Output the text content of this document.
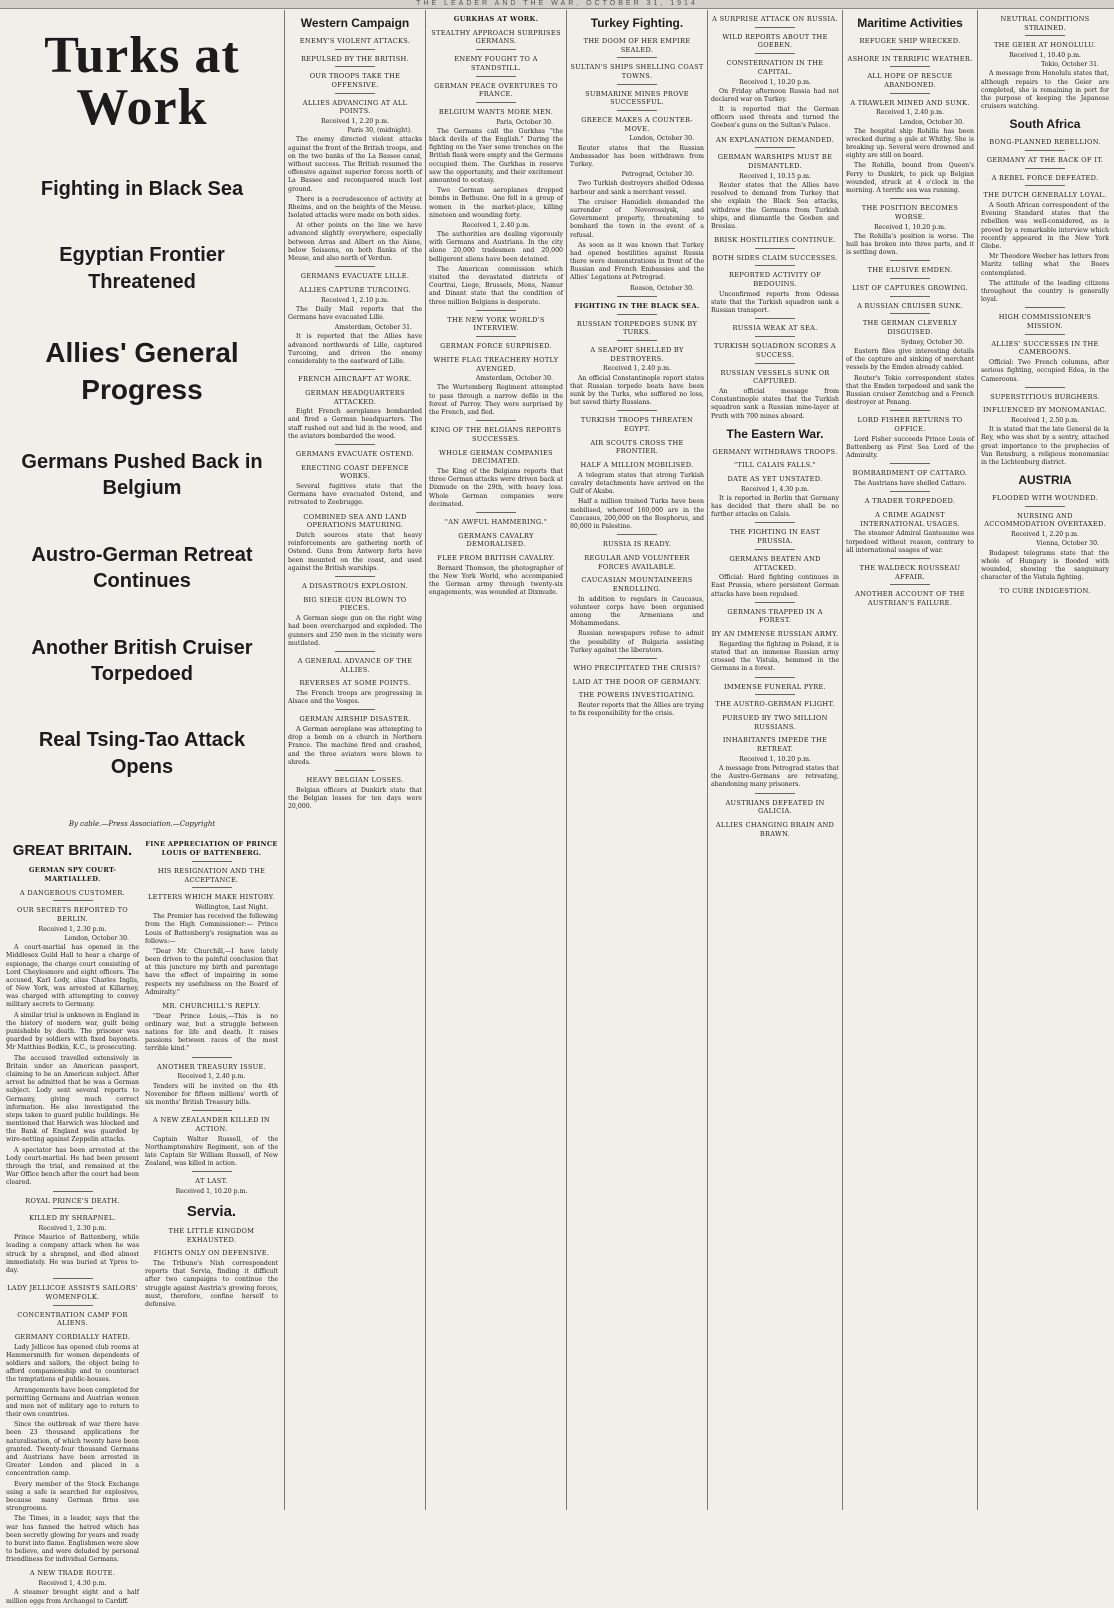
THE LEADER AND THE WAR, OCTOBER 31, 1914
Turks at Work
Fighting in Black Sea
Egyptian Frontier Threatened
Allies' General Progress
Germans Pushed Back in Belgium
Austro-German Retreat Continues
Another British Cruiser Torpedoed
Real Tsing-Tao Attack Opens
By cable.—Press Association.—Copyright
GREAT BRITAIN.
GERMAN SPY COURT-MARTIALLED.
A DANGEROUS CUSTOMER.
OUR SECRETS REPORTED TO BERLIN.
Received 1, 2.30 p.m.
London, October 30.

A court-martial has opened in the Middlesex Guild Hall to hear a charge of espionage, the charge court consisting of Lord Cheylesmore and eight officers. The accused, Karl Lody, alias Charles Inglis, of New York, was arrested at Killarney, was charged with attempting to convey military secrets to Germany.

A similar trial is unknown in England in the history of modern war, guilt being punishable by death. The prisoner was guarded by soldiers with fixed bayonets. Mr Matthias Bodkin, K.C., is prosecuting.

The accused travelled extensively in Britain under an American passport, claiming to be an American subject. After arrest he admitted that he was a German subject. Lody sent several reports to Germany, giving much correct information. He also investigated the steps taken to guard public buildings. He mentioned that Harwich was blocked and the Bank of England was guarded by wire-netting against Zeppelin attacks.

A spectator has been arrested at the Lody court-martial. He had been present through the trial, and remained at the War Office bench after the court had been cleared.

ROYAL PRINCE'S DEATH.
KILLED BY SHRAPNEL.
Received 1, 2.30 p.m.

Prince Maurice of Battenberg, while leading a company attack when he was struck by a shrapnel, and died almost immediately. He was buried at Ypres to-day.

LADY JELLICOE ASSISTS SAILORS' WOMENFOLK.
CONCENTRATION CAMP FOR ALIENS.
GERMANY CORDIALLY HATED.

Lady Jellicoe has opened club rooms at Hammersmith for women dependents of soldiers and sailors, the object being to afford companionship and to counteract the temptations of public-houses.

Arrangements have been completed for permitting Germans and Austrian women and men not of military age to return to their own countries.

Since the outbreak of war there have been 23 thousand applications for naturalisation, of which twenty have been granted. Twenty-four thousand Germans and Austrians have been arrested in Greater London and placed in a concentration camp.

Every member of the Stock Exchange using a safe is searched for explosives, because many German firms use strongrooms.

The Times, in a leader, says that the war has fanned the hatred which has been secretly glowing for years and ready to burst into flame. Englishmen were slow to believe, and were deluded by personal friendliness for individual Germans.

A NEW TRADE ROUTE.
Received 1, 4.30 p.m.

A steamer brought eight and a half million eggs from Archangel to Cardiff.

FINE APPRECIATION OF PRINCE LOUIS OF BATTENBERG.
HIS RESIGNATION AND THE ACCEPTANCE.
LETTERS WHICH MAKE HISTORY.
Wellington, Last Night.

The Premier has received the following from the High Commissioner:— Prince Louis of Battenberg's resignation was as follows:—

"Dear Mr. Churchill,—I have lately been driven to the painful conclusion that at this juncture my birth and parentage have the effect of impairing in some respects my usefulness on the Board of Admiralty."

MR. CHURCHILL'S REPLY.

"Dear Prince Louis,—This is no ordinary war, but a struggle between nations for life and death. It raises passions between races of the most terrible kind."

ANOTHER TREASURY ISSUE.
Received 1, 2.40 p.m.

Tenders will be invited on the 4th November for fifteen millions' worth of six months' British Treasury bills.

A NEW ZEALANDER KILLED IN ACTION.

Captain Walter Russell, of the Northamptonshire Regiment, son of the late Captain Sir William Russell, of New Zealand, was killed in action.

AT LAST.
Received 1, 10.20 p.m.
Servia.
THE LITTLE KINGDOM EXHAUSTED.
FIGHTS ONLY ON DEFENSIVE.

The Tribune's Nish correspondent reports that Servia, finding it difficult after two campaigns to continue the struggle against Austria's growing forces, must, therefore, confine herself to defensive.

Western Campaign
ENEMY'S VIOLENT ATTACKS.
REPULSED BY THE BRITISH.
OUR TROOPS TAKE THE OFFENSIVE.
ALLIES ADVANCING AT ALL POINTS.
Received 1, 2.20 p.m.
Paris 30, (midnight).

The enemy directed violent attacks against the front of the British troops, and on the two banks of the La Bassee canal, without success. The British resumed the offensive against superior forces north of La Bassee and reconquered much lost ground.

There is a recrudescence of activity at Rheims, and on the heights of the Meuse. Isolated attacks were made on both sides.

At other points on the line we have advanced slightly everywhere, especially between Arras and Albert on the Aisne, below Soissons, on both flanks of the Meuse, and also north of Verdun.

GERMANS EVACUATE LILLE.
ALLIES CAPTURE TURCOING.
Received 1, 2.10 p.m.

The Daily Mail reports that the Germans have evacuated Lille.

Amsterdam, October 31.

It is reported that the Allies have advanced northwards of Lille, captured Turcoing, and driven the enemy considerably to the eastward of Lille.

FRENCH AIRCRAFT AT WORK.
GERMAN HEADQUARTERS ATTACKED.

Eight French aeroplanes bombarded and fired a German headquarters. The staff rushed out and hid in the wood, and the aviators bombarded the wood.

GERMANS EVACUATE OSTEND.
ERECTING COAST DEFENCE WORKS.

Several fugitives state that the Germans have evacuated Ostend, and retreated to Zeebrugge.

COMBINED SEA AND LAND OPERATIONS MATURING.

Dutch sources state that heavy reinforcements are gathering north of Ostend. Guns from Antwerp forts have been mounted on the coast, and used against the British warships.

A DISASTROUS EXPLOSION.
BIG SIEGE GUN BLOWN TO PIECES.

A German siege gun on the right wing had been overcharged and exploded. The gunners and 250 men in the vicinity were mutilated.

A GENERAL ADVANCE OF THE ALLIES.
REVERSES AT SOME POINTS.

The French troops are progressing in Alsace and the Vosges.

GERMAN AIRSHIP DISASTER.

A German aeroplane was attempting to drop a bomb on a church in Northern France. The machine fired and crashed, and the three aviators were blown to shreds.

HEAVY BELGIAN LOSSES.

Belgian officers at Dunkirk state that the Belgian losses for ten days were 20,000.

GURKHAS AT WORK.
STEALTHY APPROACH SURPRISES GERMANS.
ENEMY FOUGHT TO A STANDSTILL.
GERMAN PEACE OVERTURES TO FRANCE.
BELGIUM WANTS MORE MEN.
Paris, October 30.

The Germans call the Gurkhas "the black devils of the English." During the fighting on the Yser some trenches on the British flank were empty and the Germans occupied them. The Gurkhas in reserve saw the opportunity, and their excitement amounted to ecstasy.

Two German aeroplanes dropped bombs in Bethune. One fell in a group of women in the market-place, killing nineteen and wounding forty.

Received 1, 2.40 p.m.

The authorities are dealing vigorously with Germans and Austrians. In the city alone 20,000 tradesmen and 20,000 belligerent aliens have been detained.

The American commission which visited the devastated districts of Courtrai, Liege, Brussels, Mons, Namur and Dinant state that the condition of three million Belgians is desperate.

THE NEW YORK WORLD'S INTERVIEW.
GERMAN FORCE SURPRISED.
WHITE FLAG TREACHERY HOTLY AVENGED.
Amsterdam, October 30.

The Wurtemberg Regiment attempted to pass through a narrow defile in the forest of Parroy. They were surprised by the French, and fled.

KING OF THE BELGIANS REPORTS SUCCESSES.
WHOLE GERMAN COMPANIES DECIMATED.

The King of the Belgians reports that three German attacks were driven back at Dixmude on the 29th, with heavy loss. Whole German companies were decimated.

"AN AWFUL HAMMERING."
GERMANS CAVALRY DEMORALISED.
FLEE FROM BRITISH CAVALRY.

Bernard Thomson, the photographer of the New York World, who accompanied the German army through twenty-six engagements, was wounded at Dixmude.

Turkey Fighting.
THE DOOM OF HER EMPIRE SEALED.
SULTAN'S SHIPS SHELLING COAST TOWNS.
SUBMARINE MINES PROVE SUCCESSFUL.
GREECE MAKES A COUNTER-MOVE.
London, October 30.

Reuter states that the Russian Ambassador has been withdrawn from Turkey.

Petrograd, October 30.

Two Turkish destroyers shelled Odessa harbour and sank a merchant vessel.

The cruiser Hamidieh demanded the surrender of Novorossiysk, and Government property, threatening to bombard the town in the event of a refusal.

As soon as it was known that Turkey had opened hostilities against Russia there were demonstrations in front of the Russian and French Embassies and the Allies' Legations at Petrograd.

Reason, October 30.
FIGHTING IN THE BLACK SEA.
RUSSIAN TORPEDOES SUNK BY TURKS.
A SEAPORT SHELLED BY DESTROYERS.
Received 1, 2.40 p.m.

An official Constantinople report states that Russian torpedo boats have been sunk by the Turks, who suffered no loss, but saved thirty Russians.

TURKISH TROOPS THREATEN EGYPT.
AIR SCOUTS CROSS THE FRONTIER.
HALF A MILLION MOBILISED.

A telegram states that strong Turkish cavalry detachments have arrived on the Gulf of Akaba.

Half a million trained Turks have been mobilised, whereof 160,000 are in the Caucasus, 200,000 on the Bosphorus, and 80,000 in Palestine.

RUSSIA IS READY.
REGULAR AND VOLUNTEER FORCES AVAILABLE.
CAUCASIAN MOUNTAINEERS ENROLLING.

In addition to regulars in Caucasus, volunteer corps have been organised among the Armenians and Mohammedans.

Russian newspapers refuse to admit the possibility of Bulgaria assisting Turkey against the liberators.

WHO PRECIPITATED THE CRISIS?
LAID AT THE DOOR OF GERMANY.
THE POWERS INVESTIGATING.

Reuter reports that the Allies are trying to fix responsibility for the crisis.

A SURPRISE ATTACK ON RUSSIA.
WILD REPORTS ABOUT THE GOEBEN.
CONSTERNATION IN THE CAPITAL.
Received 1, 10.20 p.m.

On Friday afternoon Russia had not declared war on Turkey.

It is reported that the German officers used threats and turned the Goeben's guns on the Sultan's Palace.

AN EXPLANATION DEMANDED.
GERMAN WARSHIPS MUST BE DISMANTLED.
Received 1, 10.15 p.m.

Reuter states that the Allies have resolved to demand from Turkey that she explain the Black Sea attacks, withdraw the Germans from Turkish ships, and dismantle the Goeben and Breslau.

BRISK HOSTILITIES CONTINUE.
BOTH SIDES CLAIM SUCCESSES.
REPORTED ACTIVITY OF BEDOUINS.

Unconfirmed reports from Odessa state that the Turkish squadron sank a Russian transport.

RUSSIA WEAK AT SEA.
TURKISH SQUADRON SCORES A SUCCESS.
RUSSIAN VESSELS SUNK OR CAPTURED.

An official message from Constantinople states that the Turkish squadron sank a Russian mine-layer at Pruth with 700 mines aboard.

The Eastern War.
GERMANY WITHDRAWS TROOPS.
"TILL CALAIS FALLS."
DATE AS YET UNSTATED.
Received 1, 4.30 p.m.

It is reported in Berlin that Germany has decided that there shall be no further attacks on Calais.

THE FIGHTING IN EAST PRUSSIA.
GERMANS BEATEN AND ATTACKED.

Official: Hard fighting continues in East Prussia, where persistent German attacks have been repulsed.

GERMANS TRAPPED IN A FOREST.
BY AN IMMENSE RUSSIAN ARMY.

Regarding the fighting in Poland, it is stated that an immense Russian army crossed the Vistula, hemmed in the Germans in a forest.

IMMENSE FUNERAL PYRE.
THE AUSTRO-GERMAN FLIGHT.
PURSUED BY TWO MILLION RUSSIANS.
INHABITANTS IMPEDE THE RETREAT.
Received 1, 10.20 p.m.

A message from Petrograd states that the Austro-Germans are retreating, abandoning many prisoners.

AUSTRIANS DEFEATED IN GALICIA.
ALLIES CHANGING BRAIN AND BRAWN.
Maritime Activities
REFUGEE SHIP WRECKED.
ASHORE IN TERRIFIC WEATHER.
ALL HOPE OF RESCUE ABANDONED.
A TRAWLER MINED AND SUNK.
Received 1, 2.40 p.m.
London, October 30.

The hospital ship Rohilla has been wrecked during a gale at Whitby. She is breaking up. Several were drowned and eighty are still on board.

The Rohilla, bound from Queen's Ferry to Dunkirk, to pick up Belgian wounded, struck at 4 o'clock in the morning. A terrific sea was running.

THE POSITION BECOMES WORSE.
Received 1, 10.20 p.m.

The Rohilla's position is worse. The hull has broken into three parts, and it is settling down.

THE ELUSIVE EMDEN.
LIST OF CAPTURES GROWING.
A RUSSIAN CRUISER SUNK.
THE GERMAN CLEVERLY DISGUISED.
Sydney, October 30.

Eastern files give interesting details of the capture and sinking of merchant vessels by the Emden already cabled.

Reuter's Tokio correspondent states that the Emden torpedoed and sank the Russian cruiser Zemtchug and a French destroyer at Penang.

LORD FISHER RETURNS TO OFFICE.

Lord Fisher succeeds Prince Louis of Battenberg as First Sea Lord of the Admiralty.

BOMBARDMENT OF CATTARO.

The Austrians have shelled Cattaro.

A TRADER TORPEDOED.
A CRIME AGAINST INTERNATIONAL USAGES.

The steamer Admiral Ganteaume was torpedoed without reason, contrary to all international usages of war.

THE WALDECK ROUSSEAU AFFAIR.
ANOTHER ACCOUNT OF THE AUSTRIAN'S FAILURE.
NEUTRAL CONDITIONS STRAINED.
THE GEIER AT HONOLULU.
Received 1, 10.40 p.m.
Tokio, October 31.

A message from Honolulu states that, although repairs to the Geier are completed, she is remaining in port for the purpose of keeping the Japanese cruisers watching.

South Africa
BONG-PLANNED REBELLION.
GERMANY AT THE BACK OF IT.
A REBEL FORCE DEFEATED.
THE DUTCH GENERALLY LOYAL.

A South African correspondent of the Evening Standard states that the rebellion was well-considered, as is proved by a remarkable interview which recently appeared in the New York Globe.

Mr Theodore Weeber has letters from Maritz telling what the Boers contemplated.

The attitude of the leading citizens throughout the country is generally loyal.

HIGH COMMISSIONER'S MISSION.
ALLIES' SUCCESSES IN THE CAMEROONS.

Official: Two French columns, after serious fighting, occupied Edea, in the Cameroons.

SUPERSTITIOUS BURGHERS.
INFLUENCED BY MONOMANIAC.
Received 1, 2.50 p.m.

It is stated that the late General de la Rey, who was shot by a sentry, attached great importance to the prophecies of Van Rensburg, a religious monomaniac in the Lichtenburg district.

AUSTRIA
FLOODED WITH WOUNDED.
NURSING AND ACCOMMODATION OVERTAXED.
Received 1, 2.20 p.m.
Vienna, October 30.

Budapest telegrams state that the whole of Hungary is flooded with wounded, showing the sanguinary character of the Vistula fighting.

TO CURE INDIGESTION.
